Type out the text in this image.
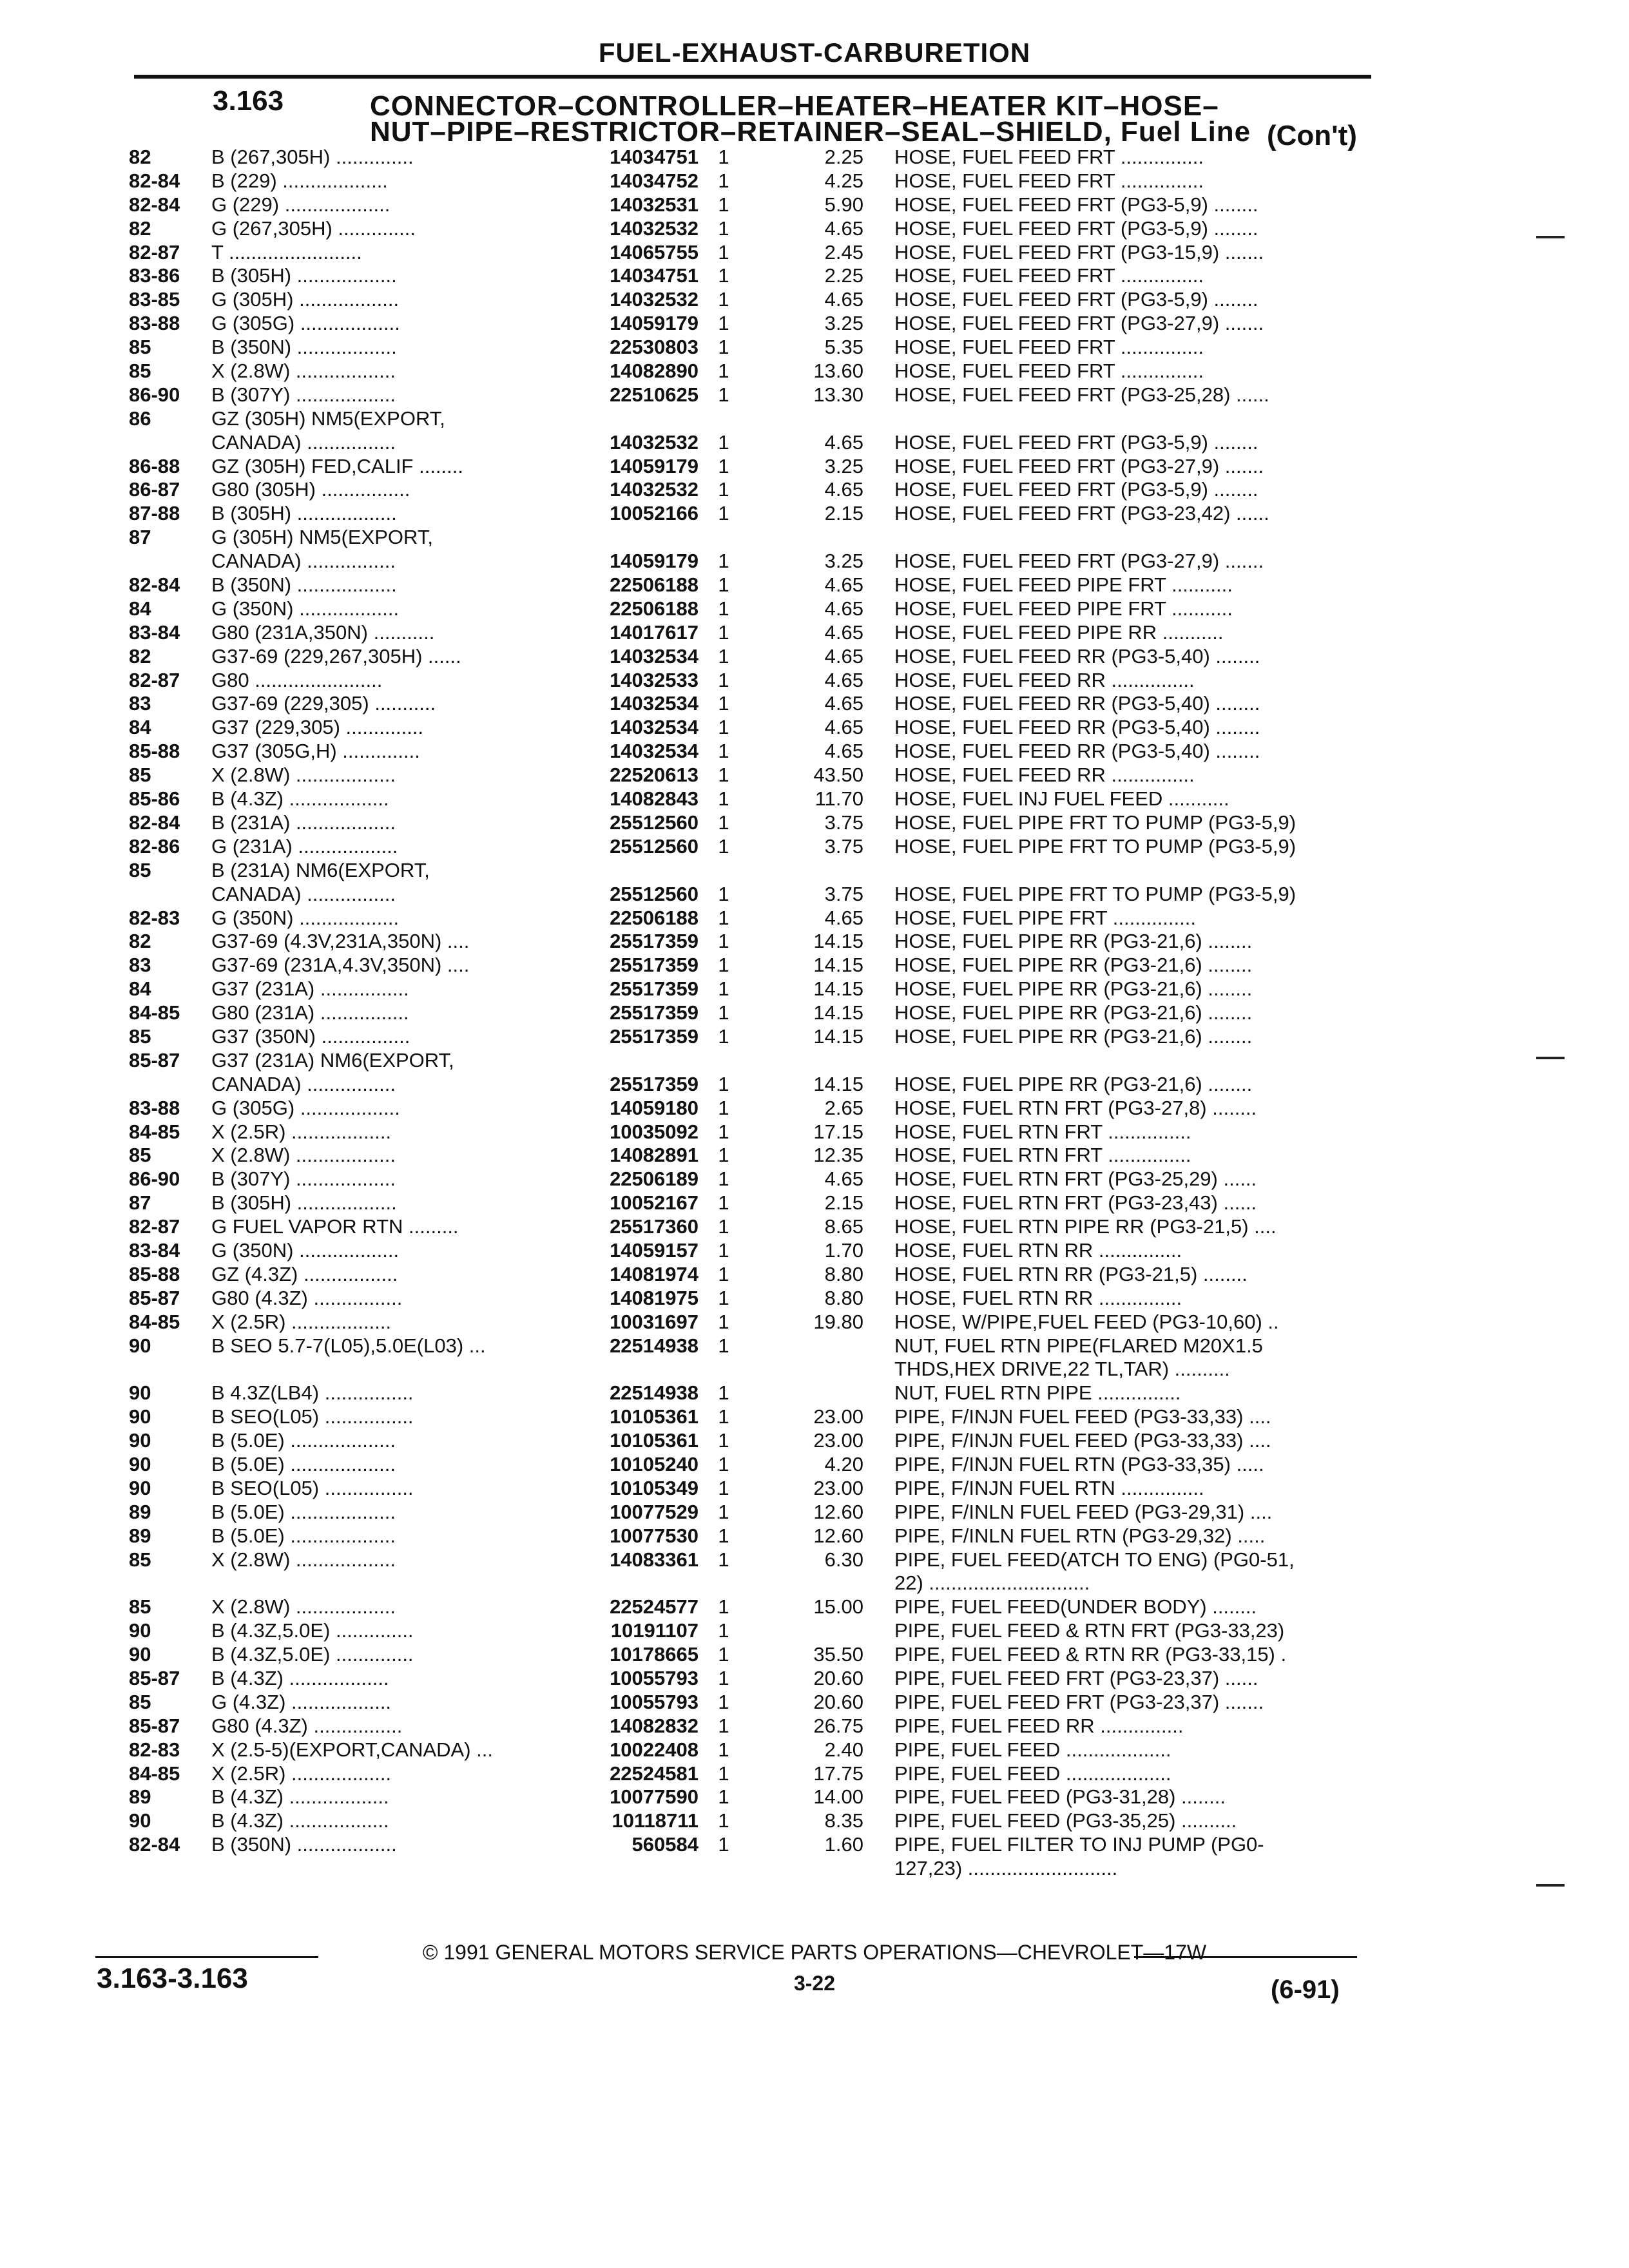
FUEL-EXHAUST-CARBURETION
3.163	CONNECTOR–CONTROLLER–HEATER–HEATER KIT–HOSE–
NUT–PIPE–RESTRICTOR–RETAINER–SEAL–SHIELD, Fuel Line (Con't)
82	B (267,305H) ..............	14034751 1	2.25 HOSE, FUEL FEED FRT ...............
82-84 B (229) ...................	14034752 1	4.25 HOSE, FUEL FEED FRT ...............
82-84 G (229) ...................	14032531 1	5.90 HOSE, FUEL FEED FRT (PG3-5,9) ........
82	G (267,305H) ..............	14032532 1	4.65 HOSE, FUEL FEED FRT (PG3-5,9) ........
82-87 T ........................	14065755 1	2.45 HOSE, FUEL FEED FRT (PG3-15,9) .......
83-86 B (305H) ..................	14034751 1	2.25 HOSE, FUEL FEED FRT ...............
83-85 G (305H) ..................	14032532 1	4.65 HOSE, FUEL FEED FRT (PG3-5,9) ........
83-88 G (305G) ..................	14059179 1	3.25 HOSE, FUEL FEED FRT (PG3-27,9) .......
85	B (350N) ..................	22530803 1	5.35 HOSE, FUEL FEED FRT ...............
85	X (2.8W) ..................	14082890 1	13.60 HOSE, FUEL FEED FRT ...............
86-90 B (307Y) ..................	22510625 1	13.30 HOSE, FUEL FEED FRT (PG3-25,28) ......
86	GZ (305H) NM5(EXPORT,
CANADA) ................	14032532 1	4.65 HOSE, FUEL FEED FRT (PG3-5,9) ........
86-88 GZ (305H) FED,CALIF ........	14059179 1	3.25 HOSE, FUEL FEED FRT (PG3-27,9) .......
86-87 G80 (305H) ................	14032532 1	4.65 HOSE, FUEL FEED FRT (PG3-5,9) ........
87-88 B (305H) ..................	10052166 1	2.15 HOSE, FUEL FEED FRT (PG3-23,42) ......
87	G (305H) NM5(EXPORT,
CANADA) ................	14059179 1	3.25 HOSE, FUEL FEED FRT (PG3-27,9) .......
82-84 B (350N) ..................	22506188 1	4.65 HOSE, FUEL FEED PIPE FRT ...........
84	G (350N) ..................	22506188 1	4.65 HOSE, FUEL FEED PIPE FRT ...........
83-84 G80 (231A,350N) ...........	14017617 1	4.65 HOSE, FUEL FEED PIPE RR ...........
82	G37-69 (229,267,305H) ......	14032534 1	4.65 HOSE, FUEL FEED RR (PG3-5,40) ........
82-87 G80 .......................	14032533 1	4.65 HOSE, FUEL FEED RR ...............
83	G37-69 (229,305) ...........	14032534 1	4.65 HOSE, FUEL FEED RR (PG3-5,40) ........
84	G37 (229,305) ..............	14032534 1	4.65 HOSE, FUEL FEED RR (PG3-5,40) ........
85-88 G37 (305G,H) ..............	14032534 1	4.65 HOSE, FUEL FEED RR (PG3-5,40) ........
85	X (2.8W) ..................	22520613 1	43.50 HOSE, FUEL FEED RR ...............
85-86 B (4.3Z) ..................	14082843 1	11.70 HOSE, FUEL INJ FUEL FEED ...........
82-84 B (231A) ..................	25512560 1	3.75 HOSE, FUEL PIPE FRT TO PUMP (PG3-5,9)
82-86 G (231A) ..................	25512560 1	3.75 HOSE, FUEL PIPE FRT TO PUMP (PG3-5,9)
85	B (231A) NM6(EXPORT,
CANADA) ................	25512560 1	3.75 HOSE, FUEL PIPE FRT TO PUMP (PG3-5,9)
82-83 G (350N) ..................	22506188 1	4.65 HOSE, FUEL PIPE FRT ...............
82	G37-69 (4.3V,231A,350N) ....	25517359 1	14.15 HOSE, FUEL PIPE RR (PG3-21,6) ........
83	G37-69 (231A,4.3V,350N) ....	25517359 1	14.15 HOSE, FUEL PIPE RR (PG3-21,6) ........
84	G37 (231A) ................	25517359 1	14.15 HOSE, FUEL PIPE RR (PG3-21,6) ........
84-85 G80 (231A) ................	25517359 1	14.15 HOSE, FUEL PIPE RR (PG3-21,6) ........
85	G37 (350N) ................	25517359 1	14.15 HOSE, FUEL PIPE RR (PG3-21,6) ........
85-87 G37 (231A) NM6(EXPORT,
CANADA) ................	25517359 1	14.15 HOSE, FUEL PIPE RR (PG3-21,6) ........
83-88 G (305G) ..................	14059180 1	2.65 HOSE, FUEL RTN FRT (PG3-27,8) ........
84-85 X (2.5R) ..................	10035092 1	17.15 HOSE, FUEL RTN FRT ...............
85	X (2.8W) ..................	14082891 1	12.35 HOSE, FUEL RTN FRT ...............
86-90 B (307Y) ..................	22506189 1	4.65 HOSE, FUEL RTN FRT (PG3-25,29) ......
87	B (305H) ..................	10052167 1	2.15 HOSE, FUEL RTN FRT (PG3-23,43) ......
82-87 G FUEL VAPOR RTN .........	25517360 1	8.65 HOSE, FUEL RTN PIPE RR (PG3-21,5) ....
83-84 G (350N) ..................	14059157 1	1.70 HOSE, FUEL RTN RR ...............
85-88 GZ (4.3Z) .................	14081974 1	8.80 HOSE, FUEL RTN RR (PG3-21,5) ........
85-87 G80 (4.3Z) ................	14081975 1	8.80 HOSE, FUEL RTN RR ...............
84-85 X (2.5R) ..................	10031697 1	19.80 HOSE, W/PIPE,FUEL FEED (PG3-10,60) ..
90	B SEO 5.7-7(L05),5.0E(L03) ...	22514938 1	NUT, FUEL RTN PIPE(FLARED M20X1.5
THDS,HEX DRIVE,22 TL,TAR) ..........
90	B 4.3Z(LB4) ................	22514938 1	NUT, FUEL RTN PIPE ...............
90	B SEO(L05) ................	10105361 1	23.00 PIPE, F/INJN FUEL FEED (PG3-33,33) ....
90	B (5.0E) ...................	10105361 1	23.00 PIPE, F/INJN FUEL FEED (PG3-33,33) ....
90	B (5.0E) ...................	10105240 1	4.20 PIPE, F/INJN FUEL RTN (PG3-33,35) .....
90	B SEO(L05) ................	10105349 1	23.00 PIPE, F/INJN FUEL RTN ...............
89	B (5.0E) ...................	10077529 1	12.60 PIPE, F/INLN FUEL FEED (PG3-29,31) ....
89	B (5.0E) ...................	10077530 1	12.60 PIPE, F/INLN FUEL RTN (PG3-29,32) .....
85	X (2.8W) ..................	14083361 1	6.30 PIPE, FUEL FEED(ATCH TO ENG) (PG0-51,
22) .............................
85	X (2.8W) ..................	22524577 1	15.00 PIPE, FUEL FEED(UNDER BODY) ........
90	B (4.3Z,5.0E) ..............	10191107 1	PIPE, FUEL FEED & RTN FRT (PG3-33,23)
90	B (4.3Z,5.0E) ..............	10178665 1	35.50 PIPE, FUEL FEED & RTN RR (PG3-33,15) .
85-87 B (4.3Z) ..................	10055793 1	20.60 PIPE, FUEL FEED FRT (PG3-23,37) ......
85	G (4.3Z) ..................	10055793 1	20.60 PIPE, FUEL FEED FRT (PG3-23,37) .......
85-87 G80 (4.3Z) ................	14082832 1	26.75 PIPE, FUEL FEED RR ...............
82-83 X (2.5-5)(EXPORT,CANADA) ...	10022408 1	2.40 PIPE, FUEL FEED ...................
84-85 X (2.5R) ..................	22524581 1	17.75 PIPE, FUEL FEED ...................
89	B (4.3Z) ..................	10077590 1	14.00 PIPE, FUEL FEED (PG3-31,28) ........
90	B (4.3Z) ..................	10118711 1	8.35 PIPE, FUEL FEED (PG3-35,25) ..........
82-84 B (350N) ..................	560584 1	1.60 PIPE, FUEL FILTER TO INJ PUMP (PG0-
127,23) ...........................
© 1991 GENERAL MOTORS SERVICE PARTS OPERATIONS—CHEVROLET—17W
3.163-3.163	3-22	(6-91)
